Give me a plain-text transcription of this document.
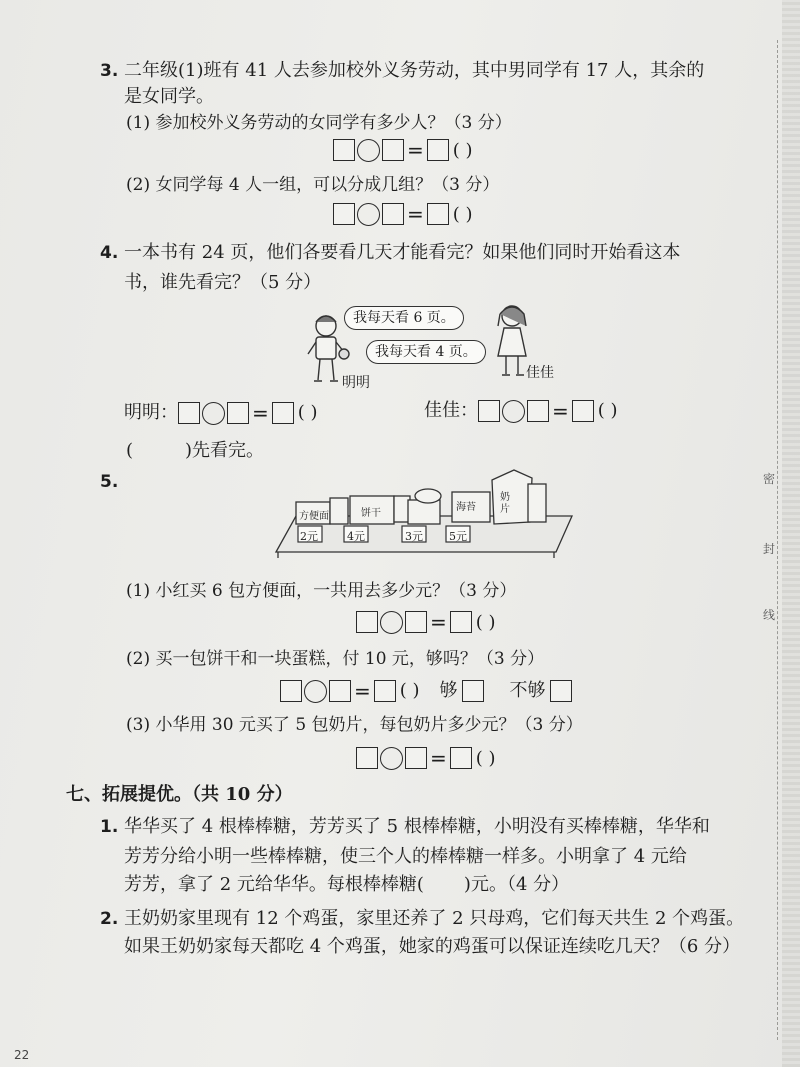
密
封
线
3. 二年级(1)班有 41 人去参加校外义务劳动，其中男同学有 17 人，其余的
是女同学。
(1) 参加校外义务劳动的女同学有多少人？（3 分）
= ( )
(2) 女同学每 4 人一组，可以分成几组？（3 分）
= ( )
4. 一本书有 24 页，他们各要看几天才能看完？如果他们同时开始看这本
书，谁先看完？（5 分）
我每天看 6 页。
我每天看 4 页。
明明
佳佳
明明：	= ( )	佳佳：	= ( )
(	)先看完。
5.
方便面	饼干
海苔
奶片
2元	4元	3元 5元
(1) 小红买 6 包方便面，一共用去多少元？（3 分）
= ( )
(2) 买一包饼干和一块蛋糕，付 10 元，够吗？（3 分）
= ( ) 够	不够
(3) 小华用 30 元买了 5 包奶片，每包奶片多少元？（3 分）
= ( )
七、拓展提优。（共 10 分）
1. 华华买了 4 根棒棒糖，芳芳买了 5 根棒棒糖，小明没有买棒棒糖，华华和
芳芳分给小明一些棒棒糖，使三个人的棒棒糖一样多。小明拿了 4 元给
芳芳，拿了 2 元给华华。每根棒棒糖( )元。（4 分）
2. 王奶奶家里现有 12 个鸡蛋，家里还养了 2 只母鸡，它们每天共生 2 个鸡蛋。
如果王奶奶家每天都吃 4 个鸡蛋，她家的鸡蛋可以保证连续吃几天？（6 分）
22
